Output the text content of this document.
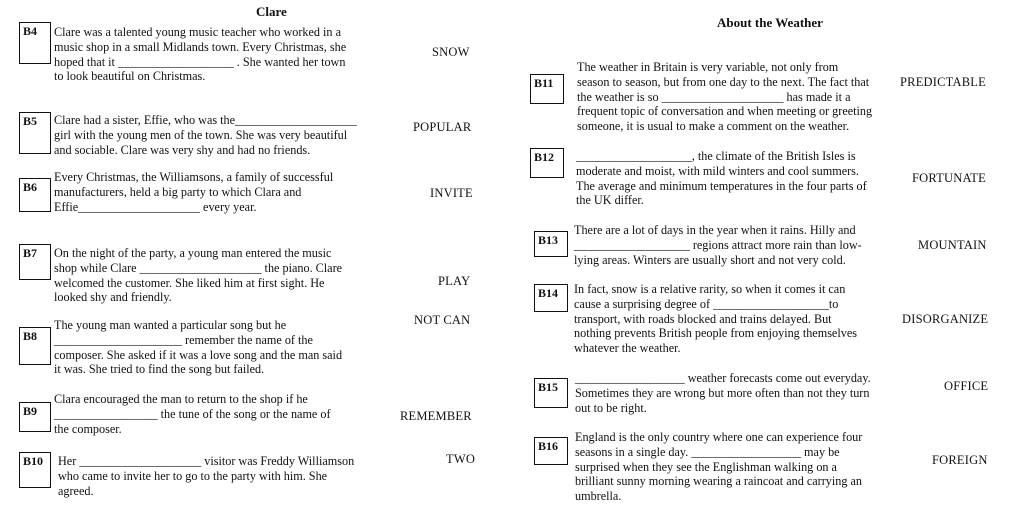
Clare
B4	Clare was a talented young music teacher who worked in a
music shop in a small Midlands town. Every Christmas, she
hoped that it ___________________ . She wanted her town
to look beautiful on Christmas.
SNOW
B5	Clare had a sister, Effie, who was the____________________
girl with the young men of the town. She was very beautiful
and sociable. Clare was very shy and had no friends.
POPULAR
B6
Every Christmas, the Williamsons, a family of successful
manufacturers, held a big party to which Clara and
Effie____________________ every year.
INVITE
B7	On the night of the party, a young man entered the music
shop while Clare ____________________ the piano. Clare
welcomed the customer. She liked him at first sight. He
looked shy and friendly.
PLAY
B8
The young man wanted a particular song but he
_____________________ remember the name of the
composer. She asked if it was a love song and the man said
it was. She tried to find the song but failed.
NOT CAN
B9
Clara encouraged the man to return to the shop if he
_________________ the tune of the song or the name of
the composer.
REMEMBER
B10	Her ____________________ visitor was Freddy Williamson
who came to invite her to go to the party with him. She
agreed.
TWO
About the Weather
B11
The weather in Britain is very variable, not only from
season to season, but from one day to the next. The fact that
the weather is so ____________________ has made it a
frequent topic of conversation and when meeting or greeting
someone, it is usual to make a comment on the weather.
PREDICTABLE
B12	___________________, the climate of the British Isles is
moderate and moist, with mild winters and cool summers.
The average and minimum temperatures in the four parts of
the UK differ.
FORTUNATE
B13
There are a lot of days in the year when it rains. Hilly and
___________________ regions attract more rain than low-
lying areas. Winters are usually short and not very cold.
MOUNTAIN
B14	In fact, snow is a relative rarity, so when it comes it can
cause a surprising degree of ___________________to
transport, with roads blocked and trains delayed. But
nothing prevents British people from enjoying themselves
whatever the weather.
DISORGANIZE
B15
__________________ weather forecasts come out everyday.
Sometimes they are wrong but more often than not they turn
out to be right.
OFFICE
B16
England is the only country where one can experience four
seasons in a single day. __________________ may be
surprised when they see the Englishman walking on a
brilliant sunny morning wearing a raincoat and carrying an
umbrella.
FOREIGN
